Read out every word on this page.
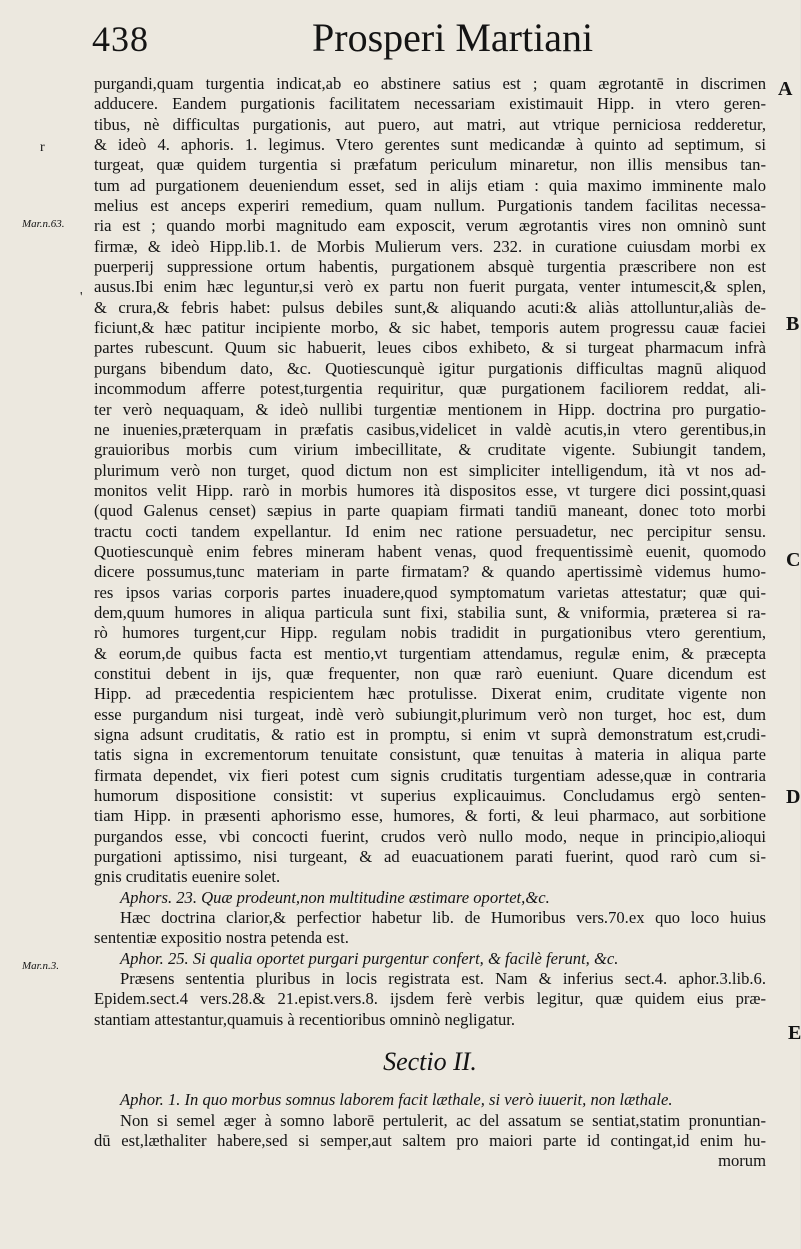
438	Prosperi Martiani
A
B
C
D
E
Mar.n.63.
Mar.n.3.
r
'
purgandi,quam turgentia indicat,ab eo abstinere satius est ; quam ægrotantē in discrimen
adducere. Eandem purgationis facilitatem necessariam existimauit Hipp. in vtero geren-
tibus, nè difficultas purgationis, aut puero, aut matri, aut vtrique perniciosa redderetur,
& ideò 4. aphoris. 1. legimus. Vtero gerentes sunt medicandæ à quinto ad septimum, si
turgeat, quæ quidem turgentia si præfatum periculum minaretur, non illis mensibus tan-
tum ad purgationem deueniendum esset, sed in alijs etiam : quia maximo imminente malo
melius est anceps experiri remedium, quam nullum. Purgationis tandem facilitas necessa-
ria est ; quando morbi magnitudo eam exposcit, verum ægrotantis vires non omninò sunt
firmæ, & ideò Hipp.lib.1. de Morbis Mulierum vers. 232. in curatione cuiusdam morbi ex
puerperij suppressione ortum habentis, purgationem absquè turgentia præscribere non est
ausus.Ibi enim hæc leguntur,si verò ex partu non fuerit purgata, venter intumescit,& splen,
& crura,& febris habet: pulsus debiles sunt,& aliquando acuti:& aliàs attolluntur,aliàs de-
ficiunt,& hæc patitur incipiente morbo, & sic habet, temporis autem progressu cauæ faciei
partes rubescunt. Quum sic habuerit, leues cibos exhibeto, & si turgeat pharmacum infrà
purgans bibendum dato, &c. Quotiescunquè igitur purgationis difficultas magnū aliquod
incommodum afferre potest,turgentia requiritur, quæ purgationem faciliorem reddat, ali-
ter verò nequaquam, & ideò nullibi turgentiæ mentionem in Hipp. doctrina pro purgatio-
ne inuenies,præterquam in præfatis casibus,videlicet in valdè acutis,in vtero gerentibus,in
grauioribus morbis cum virium imbecillitate, & cruditate vigente. Subiungit tandem,
plurimum verò non turget, quod dictum non est simpliciter intelligendum, ità vt nos ad-
monitos velit Hipp. rarò in morbis humores ità dispositos esse, vt turgere dici possint,quasi
(quod Galenus censet) sæpius in parte quapiam firmati tandiū maneant, donec toto morbi
tractu cocti tandem expellantur. Id enim nec ratione persuadetur, nec percipitur sensu.
Quotiescunquè enim febres mineram habent venas, quod frequentissimè euenit, quomodo
dicere possumus,tunc materiam in parte firmatam? & quando apertissimè videmus humo-
res ipsos varias corporis partes inuadere,quod symptomatum varietas attestatur; quæ qui-
dem,quum humores in aliqua particula sunt fixi, stabilia sunt, & vniformia, præterea si ra-
rò humores turgent,cur Hipp. regulam nobis tradidit in purgationibus vtero gerentium,
& eorum,de quibus facta est mentio,vt turgentiam attendamus, regulæ enim, & præcepta
constitui debent in ijs, quæ frequenter, non quæ rarò eueniunt. Quare dicendum est
Hipp. ad præcedentia respicientem hæc protulisse. Dixerat enim, cruditate vigente non
esse purgandum nisi turgeat, indè verò subiungit,plurimum verò non turget, hoc est, dum
signa adsunt cruditatis, & ratio est in promptu, si enim vt suprà demonstratum est,crudi-
tatis signa in excrementorum tenuitate consistunt, quæ tenuitas à materia in aliqua parte
firmata dependet, vix fieri potest cum signis cruditatis turgentiam adesse,quæ in contraria
humorum dispositione consistit: vt superius explicauimus. Concludamus ergò senten-
tiam Hipp. in præsenti aphorismo esse, humores, & forti, & leui pharmaco, aut sorbitione
purgandos esse, vbi concocti fuerint, crudos verò nullo modo, neque in principio,alioqui
purgationi aptissimo, nisi turgeant, & ad euacuationem parati fuerint, quod rarò cum si-
gnis cruditatis euenire solet.
Aphors. 23. Quæ prodeunt,non multitudine æstimare oportet,&c.
Hæc doctrina clarior,& perfectior habetur lib. de Humoribus vers.70.ex quo loco huius
sententiæ expositio nostra petenda est.
Aphor. 25. Si qualia oportet purgari purgentur confert, & facilè ferunt, &c.
Præsens sententia pluribus in locis registrata est. Nam & inferius sect.4. aphor.3.lib.6.
Epidem.sect.4 vers.28.& 21.epist.vers.8. ijsdem ferè verbis legitur, quæ quidem eius præ-
stantiam attestantur,quamuis à recentioribus omninò negligatur.
Sectio II.
Aphor. 1. In quo morbus somnus laborem facit læthale, si verò iuuerit, non læthale.
Non si semel æger à somno laborē pertulerit, ac del assatum se sentiat,statim pronuntian-
dū est,læthaliter habere,sed si semper,aut saltem pro maiori parte id contingat,id enim hu-
morum
